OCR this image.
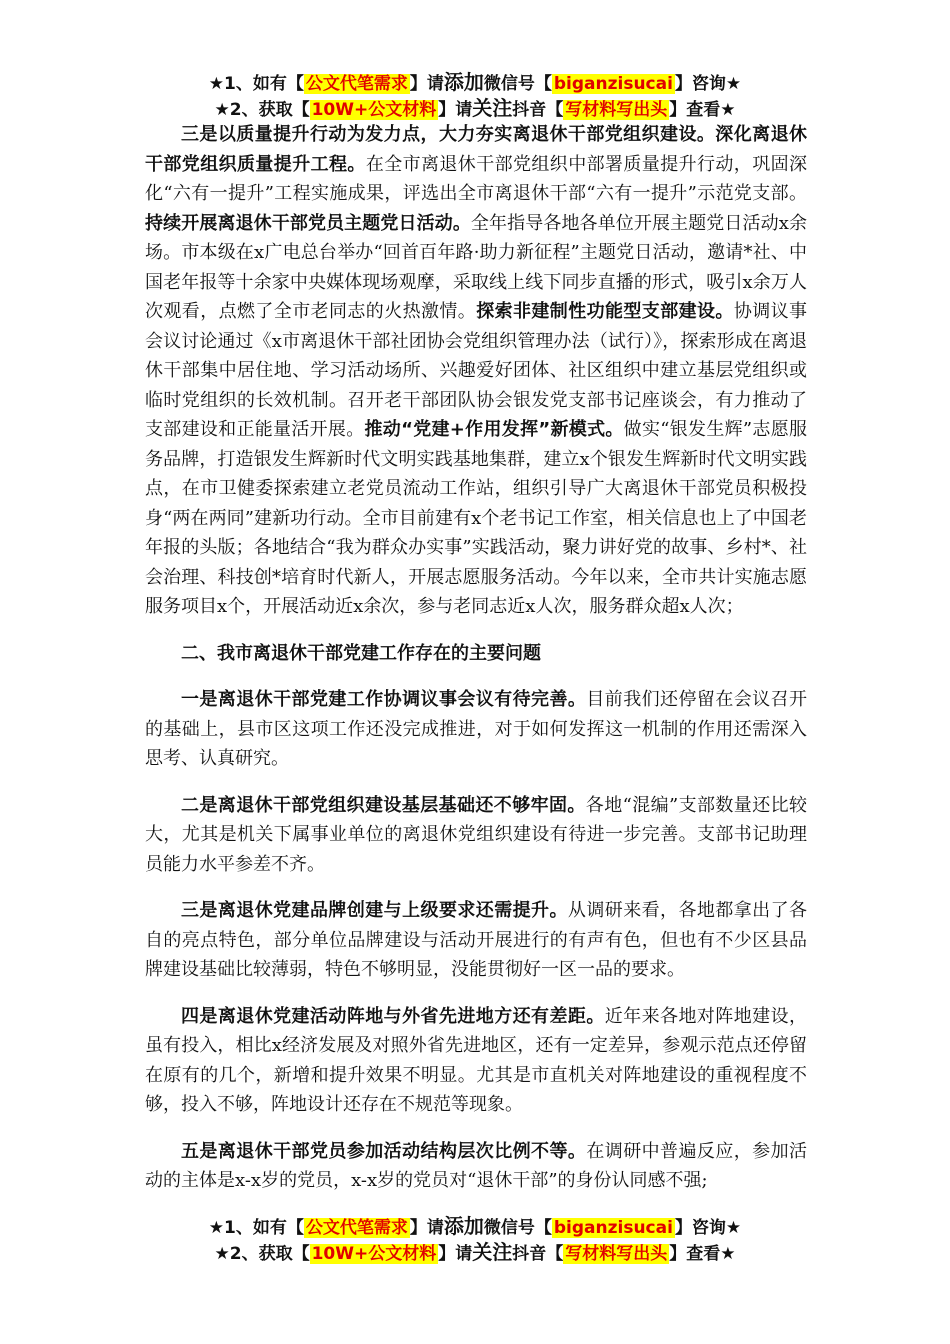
★1、如有【 公文代笔需求 】请添加微信号【 biganzisucai 】咨询★
★2、获取【 10W+公文材料 】请关注抖音【 写材料写出头 】查看★

三是以质量提升行动为发力点，大力夯实离退休干部党组织建设。深化离退休干部党组织质量提升工程。在全市离退休干部党组织中部署质量提升行动，巩固深化“六有一提升”工程实施成果，评选出全市离退休干部“六有一提升”示范党支部。持续开展离退休干部党员主题党日活动。全年指导各地各单位开展主题党日活动x余场。市本级在x广电总台举办“回首百年路·助力新征程”主题党日活动，邀请*社、中国老年报等十余家中央媒体现场观摩，采取线上线下同步直播的形式，吸引x余万人次观看，点燃了全市老同志的火热激情。探索非建制性功能型支部建设。协调议事会议讨论通过《x市离退休干部社团协会党组织管理办法（试行）》，探索形成在离退休干部集中居住地、学习活动场所、兴趣爱好团体、社区组织中建立基层党组织或临时党组织的长效机制。召开老干部团队协会银发党支部书记座谈会，有力推动了支部建设和正能量活开展。推动“党建+作用发挥”新模式。做实“银发生辉”志愿服务品牌，打造银发生辉新时代文明实践基地集群，建立x个银发生辉新时代文明实践点，在市卫健委探索建立老党员流动工作站，组织引导广大离退休干部党员积极投身“两在两同”建新功行动。全市目前建有x个老书记工作室，相关信息也上了中国老年报的头版；各地结合“我为群众办实事”实践活动，聚力讲好党的故事、乡村*、社会治理、科技创*培育时代新人，开展志愿服务活动。今年以来，全市共计实施志愿服务项目x个，开展活动近x余次，参与老同志近x人次，服务群众超x人次；

二、我市离退休干部党建工作存在的主要问题

一是离退休干部党建工作协调议事会议有待完善。目前我们还停留在会议召开的基础上，县市区这项工作还没完成推进，对于如何发挥这一机制的作用还需深入思考、认真研究。

二是离退休干部党组织建设基层基础还不够牢固。各地“混编”支部数量还比较大，尤其是机关下属事业单位的离退休党组织建设有待进一步完善。支部书记助理员能力水平参差不齐。

三是离退休党建品牌创建与上级要求还需提升。从调研来看，各地都拿出了各自的亮点特色，部分单位品牌建设与活动开展进行的有声有色，但也有不少区县品牌建设基础比较薄弱，特色不够明显，没能贯彻好一区一品的要求。

四是离退休党建活动阵地与外省先进地方还有差距。近年来各地对阵地建设，虽有投入，相比x经济发展及对照外省先进地区，还有一定差异，参观示范点还停留在原有的几个，新增和提升效果不明显。尤其是市直机关对阵地建设的重视程度不够，投入不够，阵地设计还存在不规范等现象。

五是离退休干部党员参加活动结构层次比例不等。在调研中普遍反应，参加活动的主体是x-x岁的党员，x-x岁的党员对“退休干部”的身份认同感不强;

★1、如有【 公文代笔需求 】请添加微信号【 biganzisucai 】咨询★
★2、获取【 10W+公文材料 】请关注抖音【 写材料写出头 】查看★
